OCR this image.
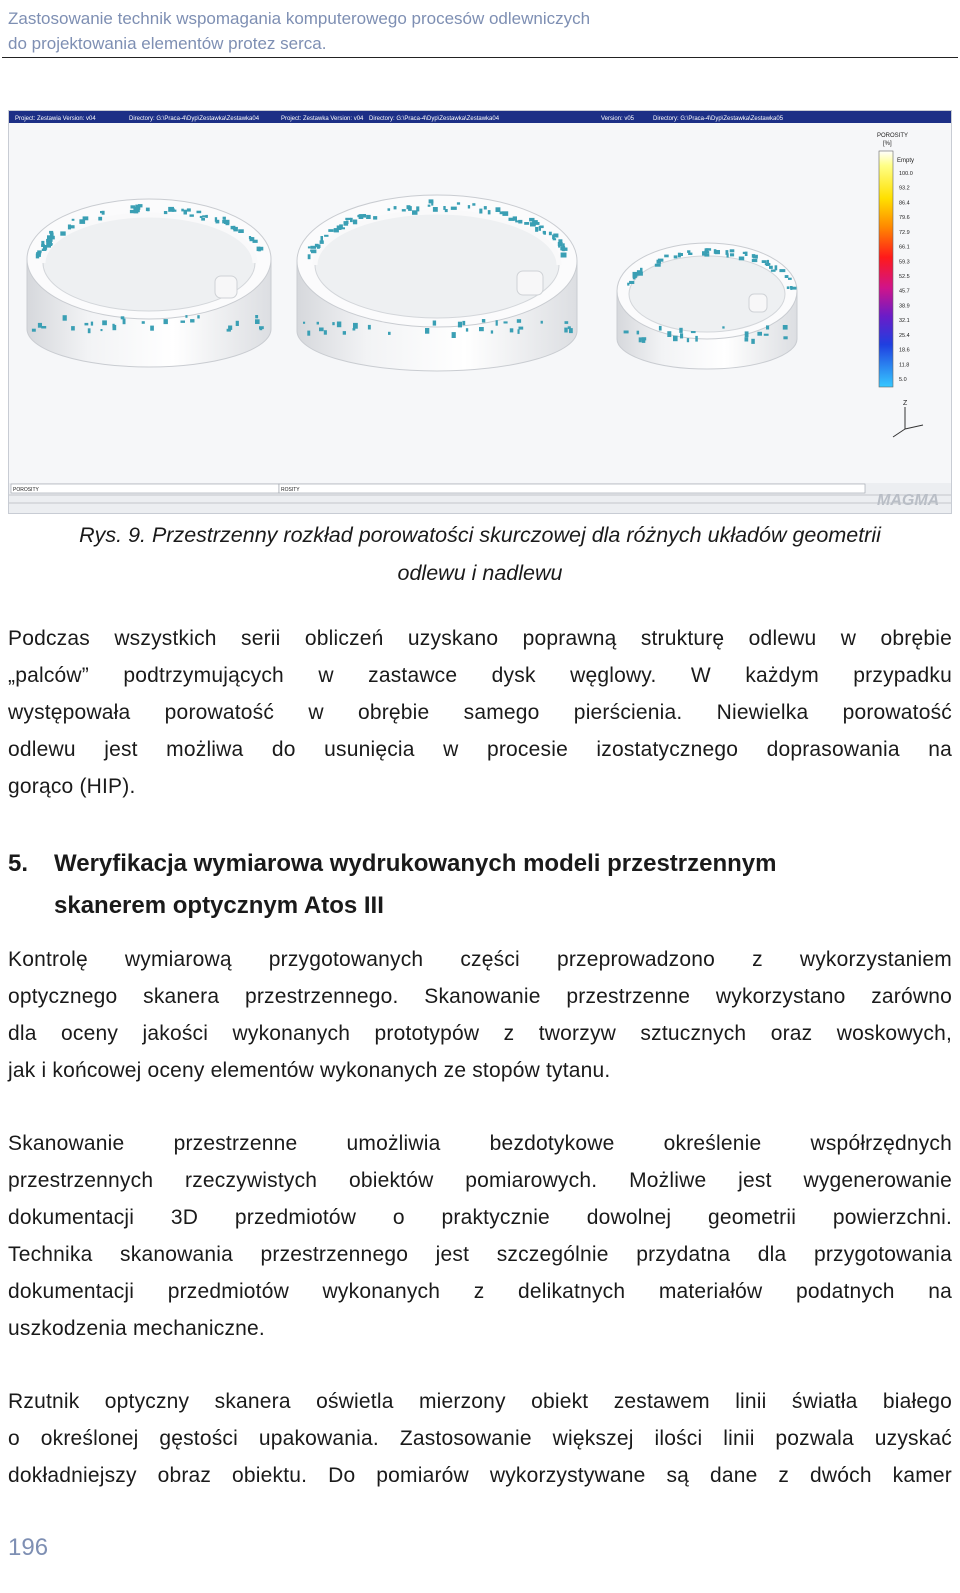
Zastosowanie technik wspomagania komputerowego procesów odlewniczych
do projektowania elementów protez serca.
Project: Zestawia Version: v04	Directory: G:\Praca-4\Dyp\Zestawka\Zestawka04	Project: Zestawka Version: v04 Directory: G:\Praca-4\Dyp\Zestawka\Zestawka04	Version: v05	Directory: G:\Praca-4\Dyp\Zestawka\Zestawka05
POROSITY
[%]
Empty
100.0
93.2
86.4
79.6
72.9
66.1
59.3
52.5
45.7
38.9
32.1
25.4
18.6
11.8
5.0
Z
POROSITY	ROSITY
MAGMA
Rys. 9. Przestrzenny rozkład porowatości skurczowej dla różnych układów geometrii
odlewu i nadlewu
Podczas wszystkich serii obliczeń uzyskano poprawną strukturę odlewu w obrębie
„palców” podtrzymujących w zastawce dysk węglowy. W każdym przypadku
występowała porowatość w obrębie samego pierścienia. Niewielka porowatość
odlewu jest możliwa do usunięcia w procesie izostatycznego doprasowania na
gorąco (HIP).
5. Weryfikacja wymiarowa wydrukowanych modeli przestrzennym
skanerem optycznym Atos III
Kontrolę wymiarową przygotowanych części przeprowadzono z wykorzystaniem
optycznego skanera przestrzennego. Skanowanie przestrzenne wykorzystano zarówno
dla oceny jakości wykonanych prototypów z tworzyw sztucznych oraz woskowych,
jak i końcowej oceny elementów wykonanych ze stopów tytanu.
Skanowanie przestrzenne umożliwia bezdotykowe określenie współrzędnych
przestrzennych rzeczywistych obiektów pomiarowych. Możliwe jest wygenerowanie
dokumentacji 3D przedmiotów o praktycznie dowolnej geometrii powierzchni.
Technika skanowania przestrzennego jest szczególnie przydatna dla przygotowania
dokumentacji przedmiotów wykonanych z delikatnych materiałów podatnych na
uszkodzenia mechaniczne.
Rzutnik optyczny skanera oświetla mierzony obiekt zestawem linii światła białego
o określonej gęstości upakowania. Zastosowanie większej ilości linii pozwala uzyskać
dokładniejszy obraz obiektu. Do pomiarów wykorzystywane są dane z dwóch kamer
196
